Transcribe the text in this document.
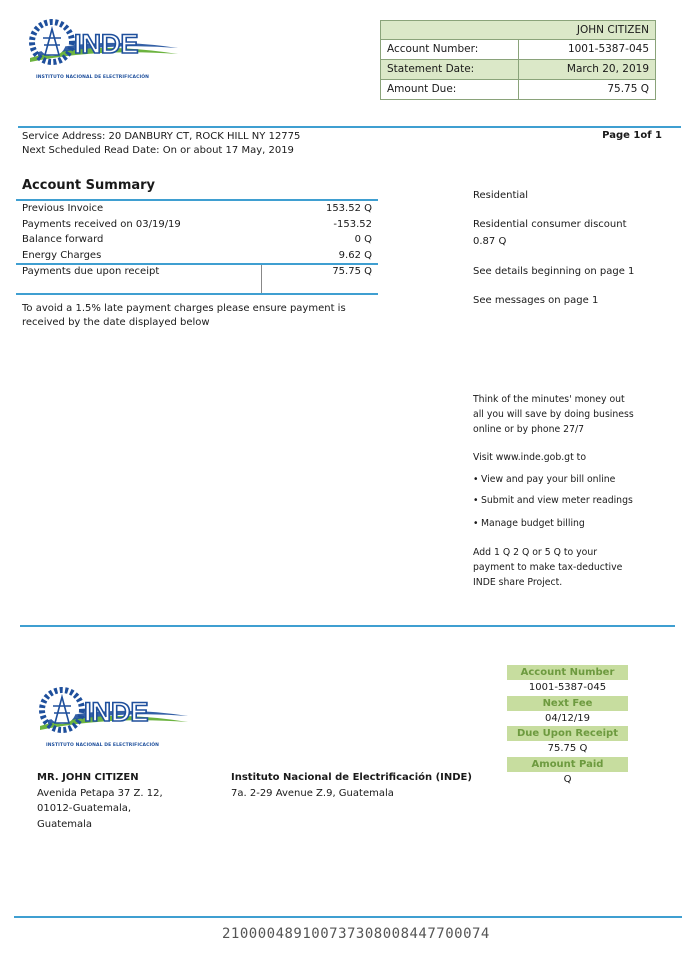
INDE
INSTITUTO NACIONAL DE ELECTRIFICACIÓN
JOHN CITIZEN
Account Number:	1001-5387-045
Statement Date:	March 20, 2019
Amount Due:	75.75 Q
Service Address: 20 DANBURY CT, ROCK HILL NY 12775
Next Scheduled Read Date: On or about 17 May, 2019
Page 1of 1
Account Summary
Previous Invoice	153.52 Q
Payments received on 03/19/19	-153.52
Balance forward	0 Q
Energy Charges	9.62 Q
Payments due upon receipt	75.75 Q
To avoid a 1.5% late payment charges please ensure payment is received by the date displayed below
Residential
Residential consumer discount
0.87 Q
See details beginning on page 1
See messages on page 1
Think of the minutes' money out
all you will save by doing business
online or by phone 27/7
Visit www.inde.gob.gt to
• View and pay your bill online
• Submit and view meter readings
• Manage budget billing
Add 1 Q 2 Q or 5 Q to your
payment to make tax-deductive
INDE share Project.
INDE
INSTITUTO NACIONAL DE ELECTRIFICACIÓN
Account Number
1001-5387-045
Next Fee
04/12/19
Due Upon Receipt
75.75 Q
Amount Paid
Q
MR. JOHN CITIZEN
Avenida Petapa 37 Z. 12,
01012-Guatemala,
Guatemala
Instituto Nacional de Electrificación (INDE)
7a. 2-29 Avenue Z.9, Guatemala
210000489100737308008447700074
